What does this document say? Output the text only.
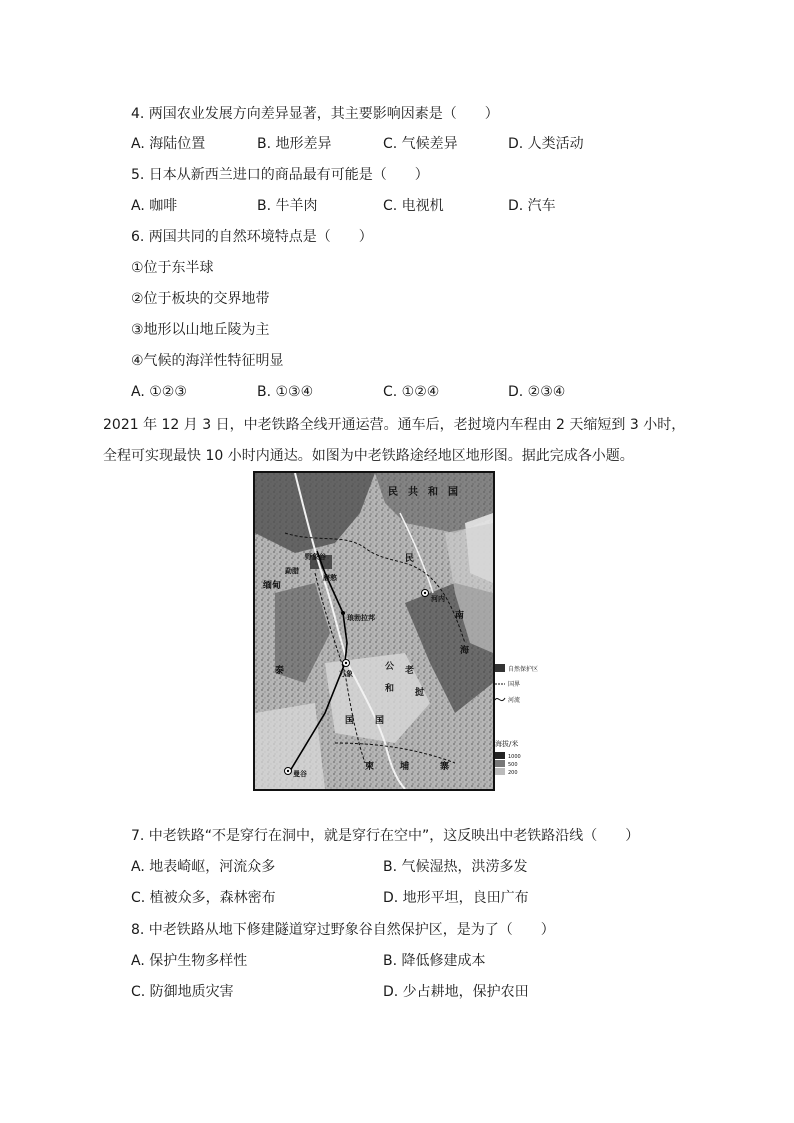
4. 两国农业发展方向差异显著，其主要影响因素是（　　）
A. 海陆位置	B. 地形差异	C. 气候差异	D. 人类活动
5. 日本从新西兰进口的商品最有可能是（　　）
A. 咖啡	B. 牛羊肉	C. 电视机	D. 汽车
6. 两国共同的自然环境特点是（　　）
①位于东半球
②位于板块的交界地带
③地形以山地丘陵为主
④气候的海洋性特征明显
A. ①②③	B. ①③④	C. ①②④	D. ②③④
2021 年 12 月 3 日，中老铁路全线开通运营。通车后，老挝境内车程由 2 天缩短到 3 小时，全程可实现最快 10 小时内通达。如图为中老铁路途经地区地形图。据此完成各小题。
民　共　和　国
野象谷
磨憨
勐腊
琅勃拉邦
河内
万象
曼谷
缅甸
民
老
挝
泰
国
南
海
公
和
国
柬	埔	寨
自然保护区
国界
河流
海拔/米
1000
500
200
7. 中老铁路“不是穿行在洞中，就是穿行在空中”，这反映出中老铁路沿线（　　）
A. 地表崎岖，河流众多	B. 气候湿热，洪涝多发
C. 植被众多，森林密布	D. 地形平坦，良田广布
8. 中老铁路从地下修建隧道穿过野象谷自然保护区，是为了（　　）
A. 保护生物多样性	B. 降低修建成本
C. 防御地质灾害	D. 少占耕地，保护农田
